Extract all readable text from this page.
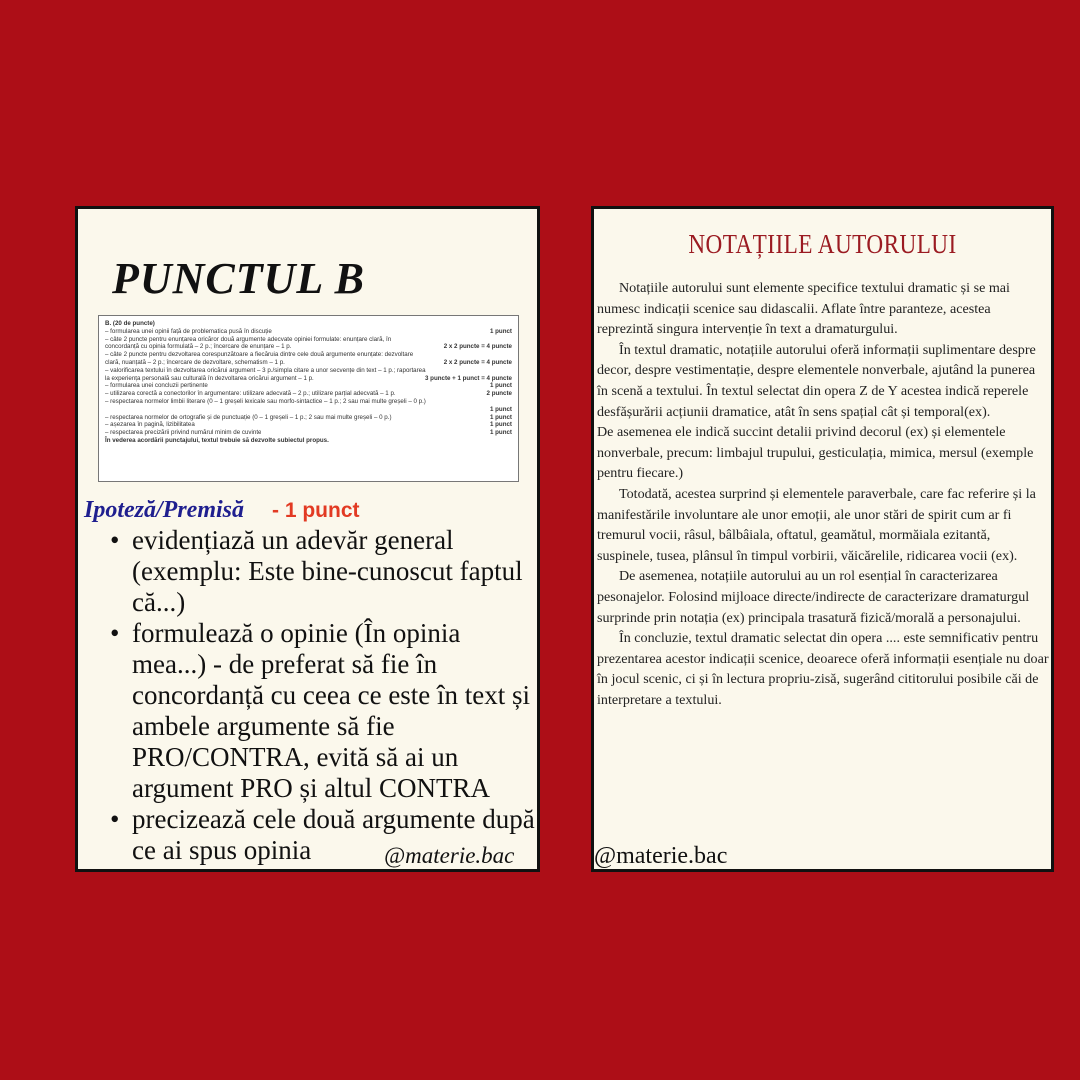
PUNCTUL B
B. (20 de puncte)
– formularea unei opinii față de problematica pusă în discuție	1 punct
– câte 2 puncte pentru enunțarea oricăror două argumente adecvate opiniei formulate: enunțare clară, în
concordanță cu opinia formulată – 2 p.; încercare de enunțare – 1 p.	2 x 2 puncte = 4 puncte
– câte 2 puncte pentru dezvoltarea corespunzătoare a fiecăruia dintre cele două argumente enunțate: dezvoltare
clară, nuanțată – 2 p.; încercare de dezvoltare, schematism – 1 p.	2 x 2 puncte = 4 puncte
– valorificarea textului în dezvoltarea oricărui argument – 3 p./simpla citare a unor secvențe din text – 1 p.; raportarea
la experiența personală sau culturală în dezvoltarea oricărui argument – 1 p.	3 puncte + 1 punct = 4 puncte
– formularea unei concluzii pertinente	1 punct
– utilizarea corectă a conectorilor în argumentare: utilizare adecvată – 2 p.; utilizare parțial adecvată – 1 p.	2 puncte
– respectarea normelor limbii literare (0 – 1 greșeli lexicale sau morfo-sintactice – 1 p.; 2 sau mai multe greșeli – 0 p.)
1 punct
– respectarea normelor de ortografie și de punctuație (0 – 1 greșeli – 1 p.; 2 sau mai multe greșeli – 0 p.)	1 punct
– așezarea în pagină, lizibilitatea	1 punct
– respectarea precizării privind numărul minim de cuvinte	1 punct
În vederea acordării punctajului, textul trebuie să dezvolte subiectul propus.
Ipoteză/Premisă - 1 punct
• evidențiază un adevăr general (exemplu: Este bine-cunoscut faptul că...)
• formulează o opinie (În opinia mea...) - de preferat să fie în concordanță cu ceea ce este în text și ambele argumente să fie PRO/CONTRA, evită să ai un argument PRO și altul CONTRA
• precizează cele două argumente după ce ai spus opinia	@materie.bac
NOTAȚIILE AUTORULUI

Notațiile autorului sunt elemente specifice textului dramatic și se mai numesc indicații scenice sau didascalii. Aflate între paranteze, acestea reprezintă singura intervenție în text a dramaturgului.

În textul dramatic, notațiile autorului oferă informații suplimentare despre decor, despre vestimentație, despre elementele nonverbale, ajutând la punerea în scenă a textului. În textul selectat din opera Z de Y acestea indică reperele desfășurării acțiunii dramatice, atât în sens spațial cât și temporal(ex).

De asemenea ele indică succint detalii privind decorul (ex) și elementele

nonverbale, precum: limbajul trupului, gesticulația, mimica, mersul (exemple pentru fiecare.)

Totodată, acestea surprind și elementele paraverbale, care fac referire și la manifestările involuntare ale unor emoții, ale unor stări de spirit cum ar fi tremurul vocii, râsul, bâlbâiala, oftatul, geamătul, mormăiala ezitantă, suspinele, tusea, plânsul în timpul vorbirii, văicărelile, ridicarea vocii (ex).

De asemenea, notațiile autorului au un rol esențial în caracterizarea pesonajelor. Folosind mijloace directe/indirecte de caracterizare dramaturgul surprinde prin notația (ex) principala trasatură fizică/morală a personajului.

În concluzie, textul dramatic selectat din opera .... este semnificativ pentru prezentarea acestor indicații scenice, deoarece oferă informații esențiale nu doar în jocul scenic, ci și în lectura propriu-zisă, sugerând cititorului posibile căi de interpretare a textului.

@materie.bac
